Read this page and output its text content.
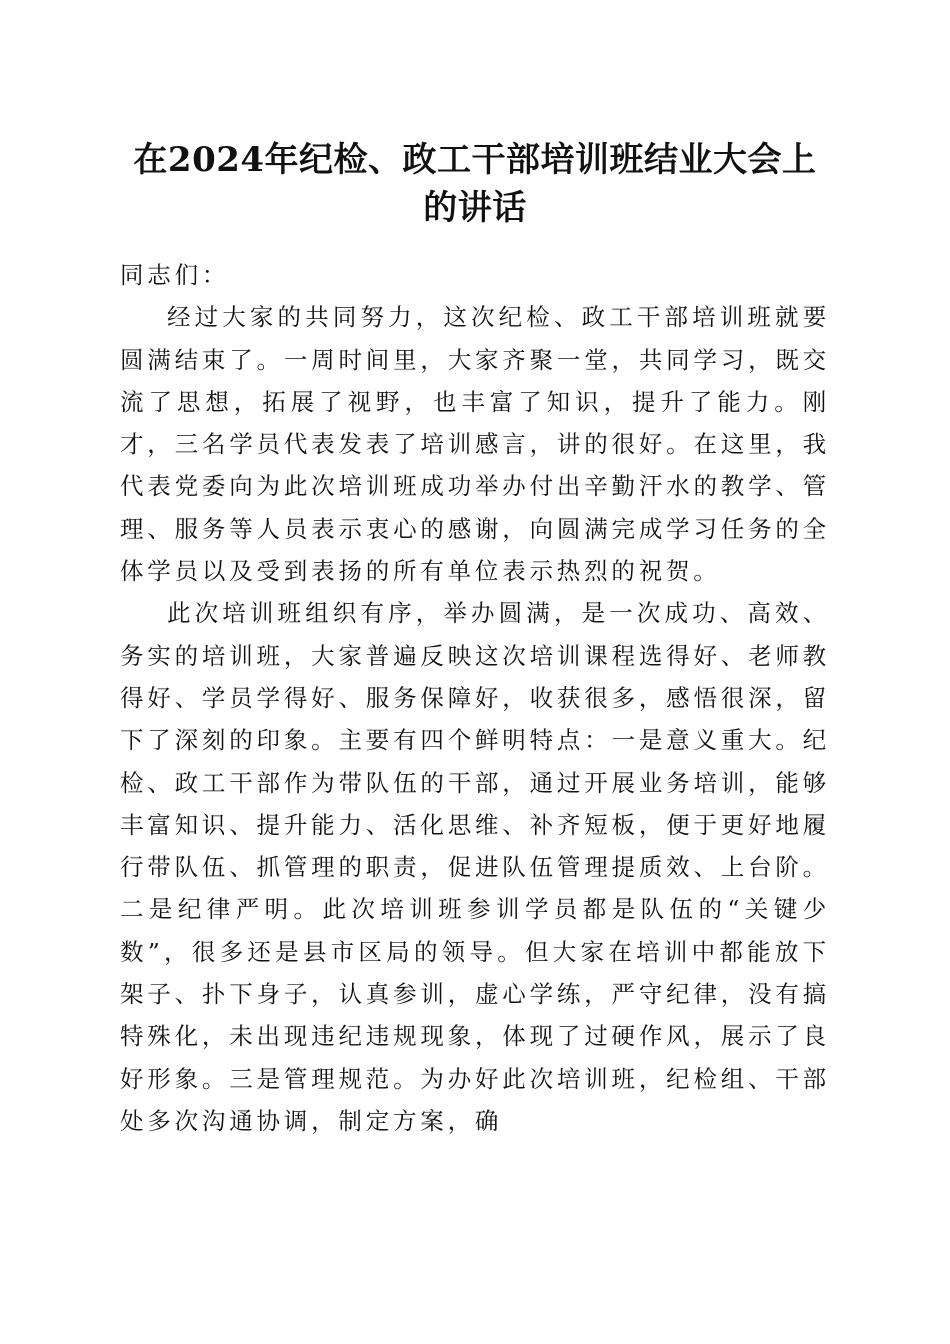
在2024年纪检、政工干部培训班结业大会上
的讲话

同志们：

经过大家的共同努力，这次纪检、政工干部培训班就要圆满结束了。一周时间里，大家齐聚一堂，共同学习，既交流了思想，拓展了视野，也丰富了知识，提升了能力。刚才，三名学员代表发表了培训感言，讲的很好。在这里，我代表党委向为此次培训班成功举办付出辛勤汗水的教学、管理、服务等人员表示衷心的感谢，向圆满完成学习任务的全体学员以及受到表扬的所有单位表示热烈的祝贺。

此次培训班组织有序，举办圆满，是一次成功、高效、务实的培训班，大家普遍反映这次培训课程选得好、老师教得好、学员学得好、服务保障好，收获很多，感悟很深，留下了深刻的印象。主要有四个鲜明特点：一是意义重大。纪检、政工干部作为带队伍的干部，通过开展业务培训，能够丰富知识、提升能力、活化思维、补齐短板，便于更好地履行带队伍、抓管理的职责，促进队伍管理提质效、上台阶。二是纪律严明。此次培训班参训学员都是队伍的“关键少数”，很多还是县市区局的领导。但大家在培训中都能放下架子、扑下身子，认真参训，虚心学练，严守纪律，没有搞特殊化，未出现违纪违规现象，体现了过硬作风，展示了良好形象。三是管理规范。为办好此次培训班，纪检组、干部处多次沟通协调，制定方案，确
